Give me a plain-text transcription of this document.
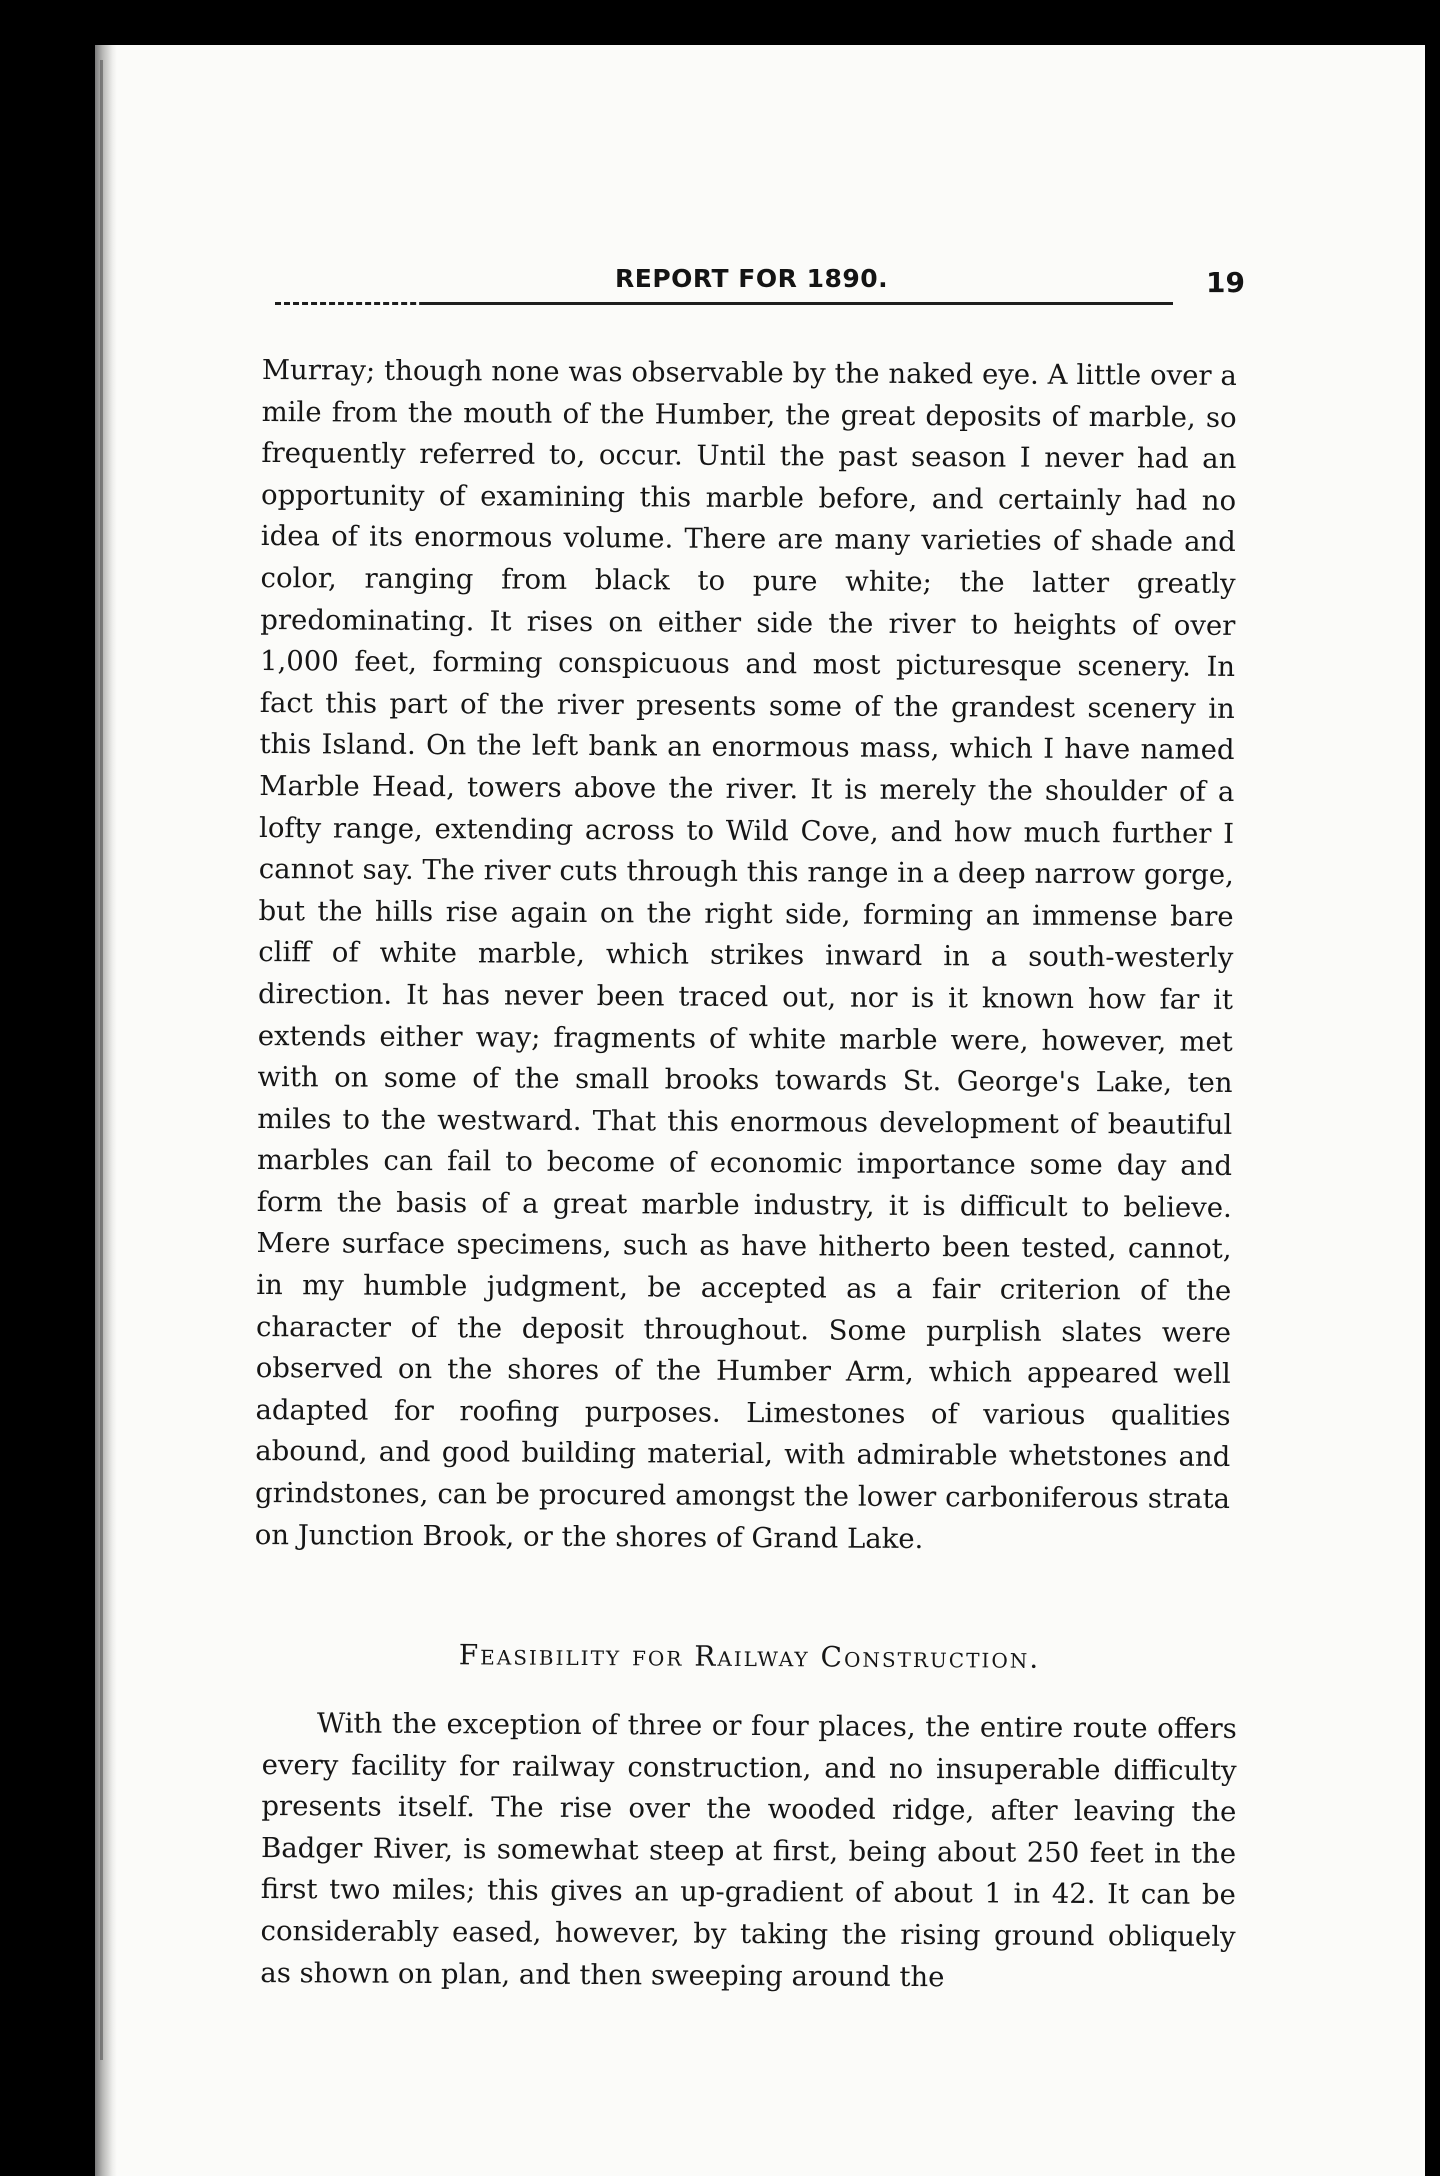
REPORT FOR 1890.	19

Murray; though none was observable by the naked eye. A little over a mile from the mouth of the Humber, the great deposits of marble, so frequently referred to, occur. Until the past season I never had an opportunity of examining this marble before, and certainly had no idea of its enormous volume. There are many varieties of shade and color, ranging from black to pure white; the latter greatly predominating. It rises on either side the river to heights of over 1,000 feet, forming conspicuous and most picturesque scenery. In fact this part of the river presents some of the grandest scenery in this Island. On the left bank an enormous mass, which I have named Marble Head, towers above the river. It is merely the shoulder of a lofty range, extending across to Wild Cove, and how much further I cannot say. The river cuts through this range in a deep narrow gorge, but the hills rise again on the right side, forming an immense bare cliff of white marble, which strikes inward in a south-westerly direction. It has never been traced out, nor is it known how far it extends either way; fragments of white marble were, however, met with on some of the small brooks towards St. George's Lake, ten miles to the westward. That this enormous development of beautiful marbles can fail to become of economic importance some day and form the basis of a great marble industry, it is difficult to believe. Mere surface specimens, such as have hitherto been tested, cannot, in my humble judgment, be accepted as a fair criterion of the character of the deposit throughout. Some purplish slates were observed on the shores of the Humber Arm, which appeared well adapted for roofing purposes. Limestones of various qualities abound, and good building material, with admirable whetstones and grindstones, can be procured amongst the lower carboniferous strata on Junction Brook, or the shores of Grand Lake.

Feasibility for Railway Construction.

With the exception of three or four places, the entire route offers every facility for railway construction, and no insuperable difficulty presents itself. The rise over the wooded ridge, after leaving the Badger River, is somewhat steep at first, being about 250 feet in the first two miles; this gives an up-gradient of about 1 in 42. It can be considerably eased, however, by taking the rising ground obliquely as shown on plan, and then sweeping around the
